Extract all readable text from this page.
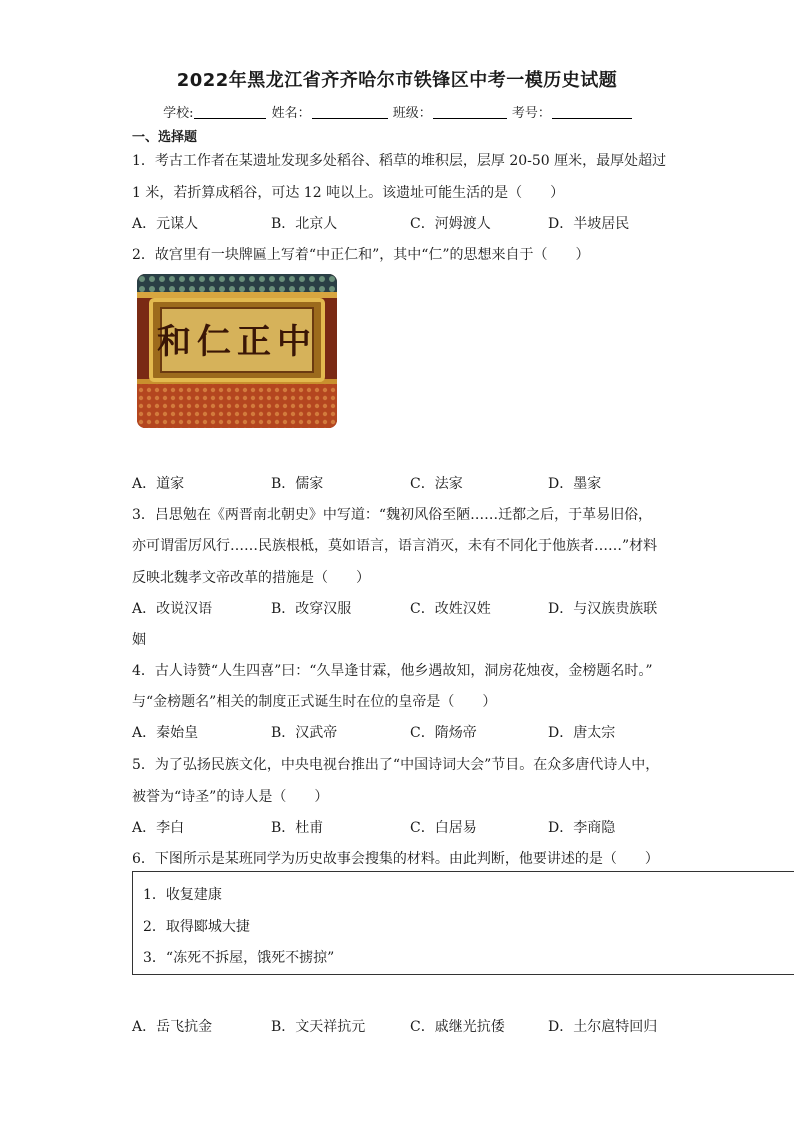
2022年黑龙江省齐齐哈尔市铁锋区中考一模历史试题
学校:	姓名：	班级：	考号：
一、选择题
1．考古工作者在某遗址发现多处稻谷、稻草的堆积层，层厚 20-50 厘米，最厚处超过
1 米，若折算成稻谷，可达 12 吨以上。该遗址可能生活的是（　　）
A．元谋人	B．北京人	C．河姆渡人	D．半坡居民
2．故宫里有一块牌匾上写着“中正仁和”，其中“仁”的思想来自于（　　）
和仁正中
A．道家	B．儒家	C．法家	D．墨家
3．吕思勉在《两晋南北朝史》中写道：“魏初风俗至陋……迁都之后，于革易旧俗，
亦可谓雷厉风行……民族根柢，莫如语言，语言消灭，未有不同化于他族者……”材料
反映北魏孝文帝改革的措施是（　　）
A．改说汉语	B．改穿汉服	C．改姓汉姓	D．与汉族贵族联
姻
4．古人诗赞“人生四喜”曰：“久旱逢甘霖，他乡遇故知，洞房花烛夜，金榜题名时。”
与“金榜题名”相关的制度正式诞生时在位的皇帝是（　　）
A．秦始皇	B．汉武帝	C．隋炀帝	D．唐太宗
5．为了弘扬民族文化，中央电视台推出了“中国诗词大会”节目。在众多唐代诗人中，
被誉为“诗圣”的诗人是（　　）
A．李白	B．杜甫	C．白居易	D．李商隐
6．下图所示是某班同学为历史故事会搜集的材料。由此判断，他要讲述的是（　　）
1．收复建康
2．取得郾城大捷
3．“冻死不拆屋，饿死不掳掠”
A．岳飞抗金	B．文天祥抗元	C．戚继光抗倭	D．土尔扈特回归
